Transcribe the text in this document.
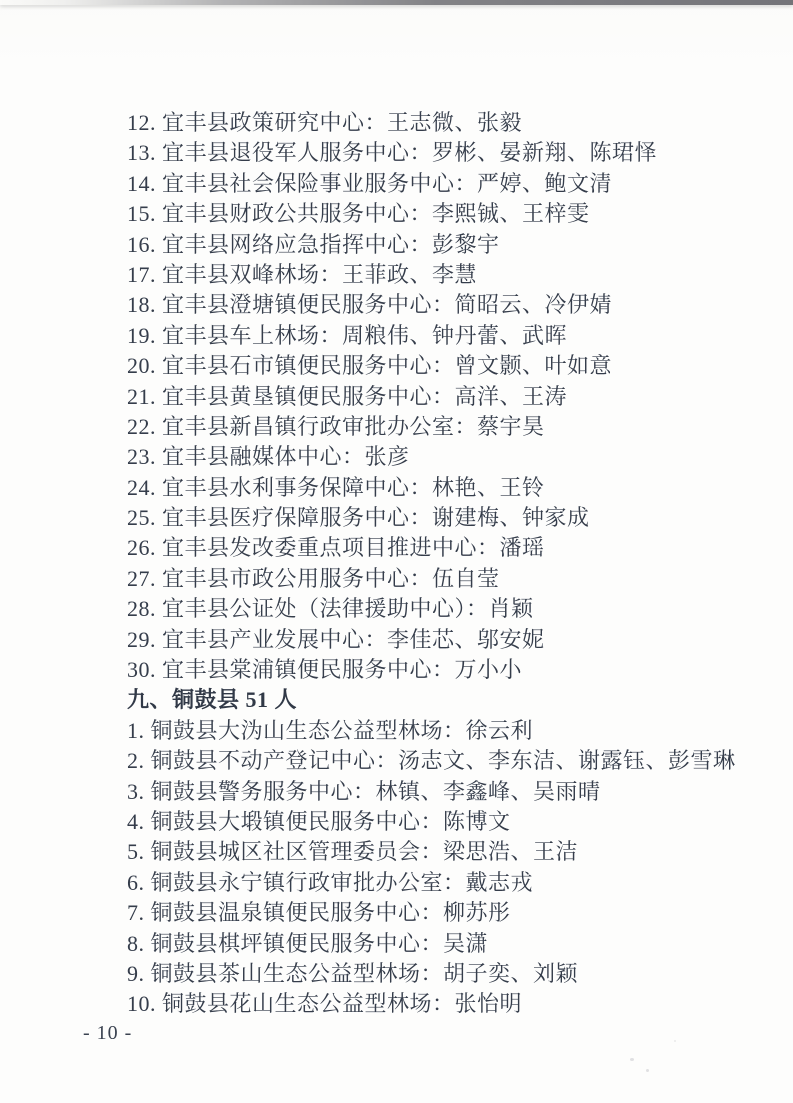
12. 宜丰县政策研究中心：王志微、张毅
13. 宜丰县退役军人服务中心：罗彬、晏新翔、陈珺怿
14. 宜丰县社会保险事业服务中心：严婷、鲍文清
15. 宜丰县财政公共服务中心：李熙铖、王梓雯
16. 宜丰县网络应急指挥中心：彭黎宇
17. 宜丰县双峰林场：王菲政、李慧
18. 宜丰县澄塘镇便民服务中心：简昭云、冷伊婧
19. 宜丰县车上林场：周粮伟、钟丹蕾、武晖
20. 宜丰县石市镇便民服务中心：曾文颢、叶如意
21. 宜丰县黄垦镇便民服务中心：高洋、王涛
22. 宜丰县新昌镇行政审批办公室：蔡宇昊
23. 宜丰县融媒体中心：张彦
24. 宜丰县水利事务保障中心：林艳、王铃
25. 宜丰县医疗保障服务中心：谢建梅、钟家成
26. 宜丰县发改委重点项目推进中心：潘瑶
27. 宜丰县市政公用服务中心：伍自莹
28. 宜丰县公证处（法律援助中心）：肖颖
29. 宜丰县产业发展中心：李佳芯、邬安妮
30. 宜丰县棠浦镇便民服务中心：万小小
九、铜鼓县 51 人
1. 铜鼓县大沩山生态公益型林场：徐云利
2. 铜鼓县不动产登记中心：汤志文、李东洁、谢露钰、彭雪琳
3. 铜鼓县警务服务中心：林镇、李鑫峰、吴雨晴
4. 铜鼓县大塅镇便民服务中心：陈博文
5. 铜鼓县城区社区管理委员会：梁思浩、王洁
6. 铜鼓县永宁镇行政审批办公室：戴志戎
7. 铜鼓县温泉镇便民服务中心：柳苏彤
8. 铜鼓县棋坪镇便民服务中心：吴潇
9. 铜鼓县茶山生态公益型林场：胡子奕、刘颖
10. 铜鼓县花山生态公益型林场：张怡明
- 10 -
